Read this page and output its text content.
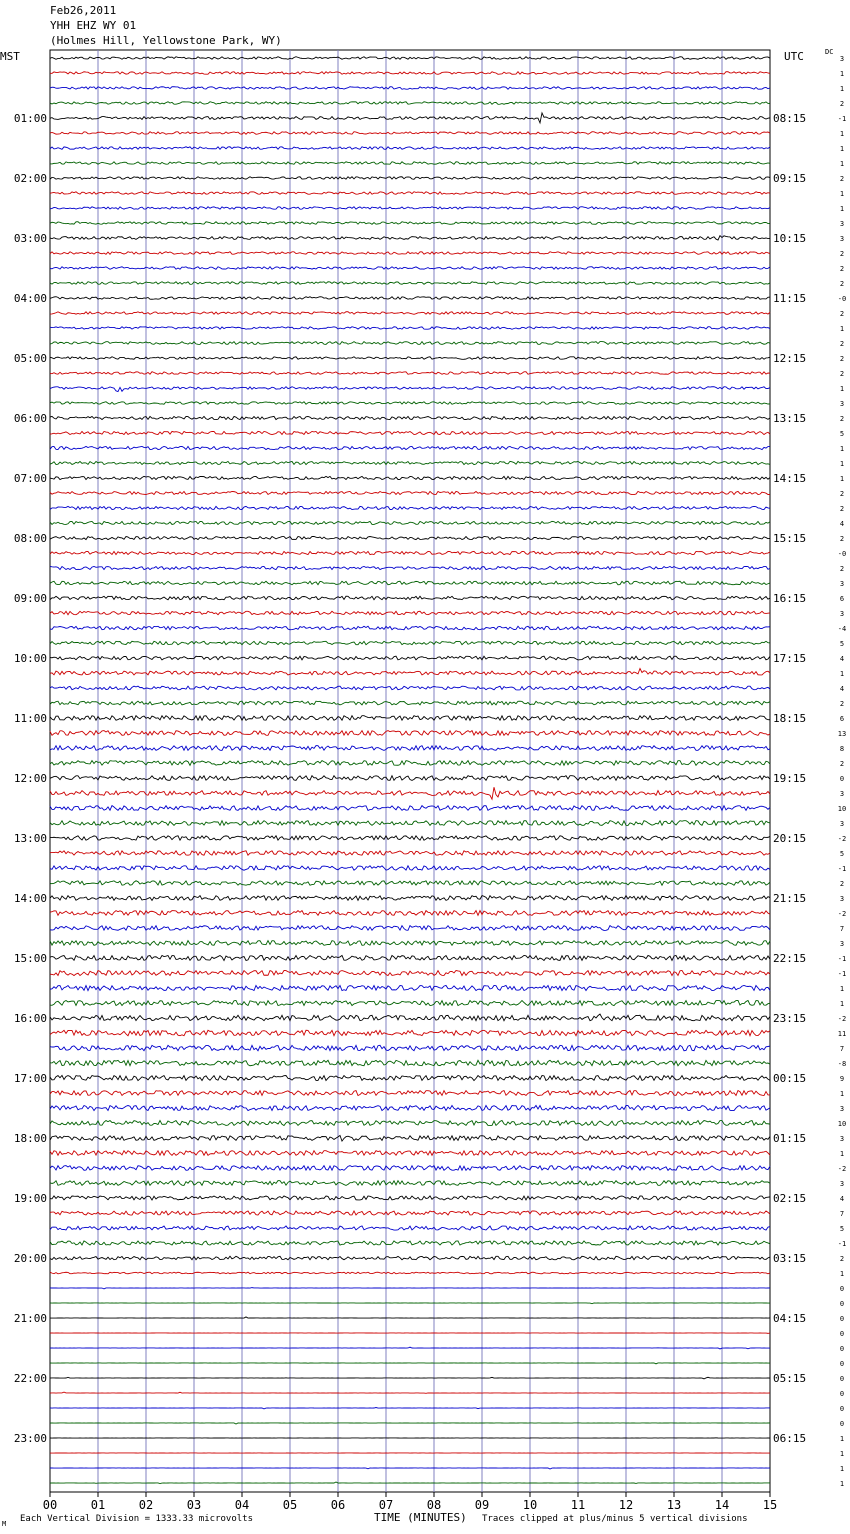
Feb26,2011
YHH EHZ WY 01
(Holmes Hill, Yellowstone Park, WY)
MST	UTC	DC
00	01	02	03	04	05	06	07	08	09	10	11	12	13	14	15
3
1
1
2
-1
1
1
1
2
1
1
3
3
2
2
2
-0
2
1
2
2
2
1
3
2
5
1
1
1
2
2
4
2
-0
2
3
6
3
-4
5
4
1
4
2
6
13
8
2
0
3
10
3
-2
5
-1
2
3
-2
7
3
-1
-1
1
1
-2
11
7
-8
9
1
3
10
3
1
-2
3
4
7
5
-1
2
1
0
0
0
0
0
0
0
0
0
0
1
1
1
1
01:00
02:00
03:00
04:00
05:00
06:00
07:00
08:00
09:00
10:00
11:00
12:00
13:00
14:00
15:00
16:00
17:00
18:00
19:00
20:00
21:00
22:00
23:00
08:15
09:15
10:15
11:15
12:15
13:15
14:15
15:15
16:15
17:15
18:15
19:15
20:15
21:15
22:15
23:15
00:15
01:15
02:15
03:15
04:15
05:15
06:15
Each Vertical Division = 1333.33 microvolts	TIME (MINUTES) Traces clipped at plus/minus 5 vertical divisions
M
